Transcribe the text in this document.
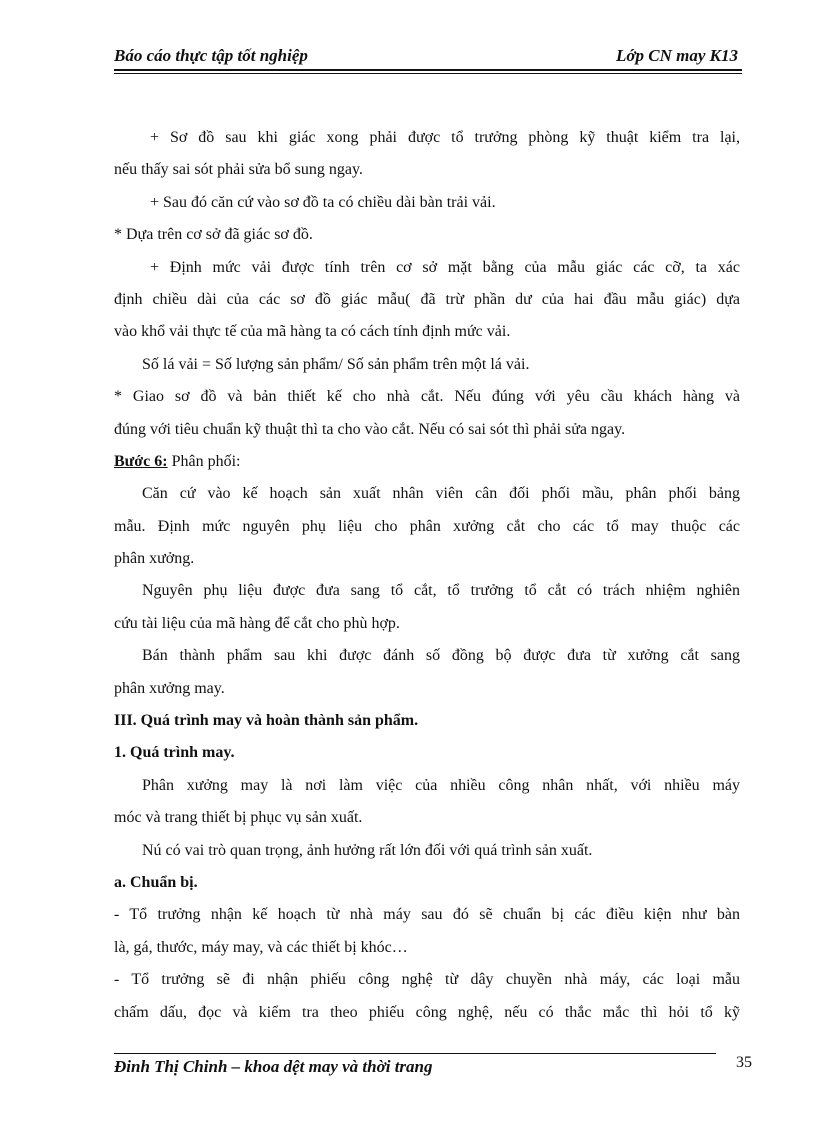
Báo cáo thực tập tốt nghiệp	Lớp CN may K13
+ Sơ đồ sau khi giác xong phải được tổ trưởng phòng kỹ thuật kiểm tra lại,
nếu thấy sai sót phải sửa bổ sung ngay.
+ Sau đó căn cứ vào sơ đồ ta có chiều dài bàn trải vải.
* Dựa trên cơ sở đã giác sơ đồ.
+ Định mức vải được tính trên cơ sở mặt bằng của mẫu giác các cỡ, ta xác
định chiều dài của các sơ đồ giác mẫu( đã trừ phần dư của hai đầu mẫu giác) dựa
vào khổ vải thực tế của mã hàng ta có cách tính định mức vải.
Số lá vải = Số lượng sản phẩm/ Số sản phẩm trên một lá vải.
* Giao sơ đồ và bản thiết kế cho nhà cắt. Nếu đúng với yêu cầu khách hàng và
đúng với tiêu chuẩn kỹ thuật thì ta cho vào cắt. Nếu có sai sót thì phải sửa ngay.
Bước 6: Phân phối:
Căn cứ vào kế hoạch sản xuất nhân viên cân đối phối mầu, phân phối bảng
mẫu. Định mức nguyên phụ liệu cho phân xưởng cắt cho các tổ may thuộc các
phân xưởng.
Nguyên phụ liệu được đưa sang tổ cắt, tổ trưởng tổ cắt có trách nhiệm nghiên
cứu tài liệu của mã hàng để cắt cho phù hợp.
Bán thành phẩm sau khi được đánh số đồng bộ được đưa từ xưởng cắt sang
phân xưởng may.
III. Quá trình may và hoàn thành sản phẩm.
1. Quá trình may.
Phân xưởng may là nơi làm việc của nhiều công nhân nhất, với nhiều máy
móc và trang thiết bị phục vụ sản xuất.
Nú có vai trò quan trọng, ảnh hưởng rất lớn đối với quá trình sản xuất.
a. Chuẩn bị.
- Tổ trưởng nhận kế hoạch từ nhà máy sau đó sẽ chuẩn bị các điều kiện như bàn
là, gá, thước, máy may, và các thiết bị khóc…
- Tổ trưởng sẽ đi nhận phiếu công nghệ từ dây chuyền nhà máy, các loại mẫu
chấm dấu, đọc và kiểm tra theo phiếu công nghệ, nếu có thắc mắc thì hỏi tổ kỹ
Đinh Thị Chinh – khoa dệt may và thời trang	35
